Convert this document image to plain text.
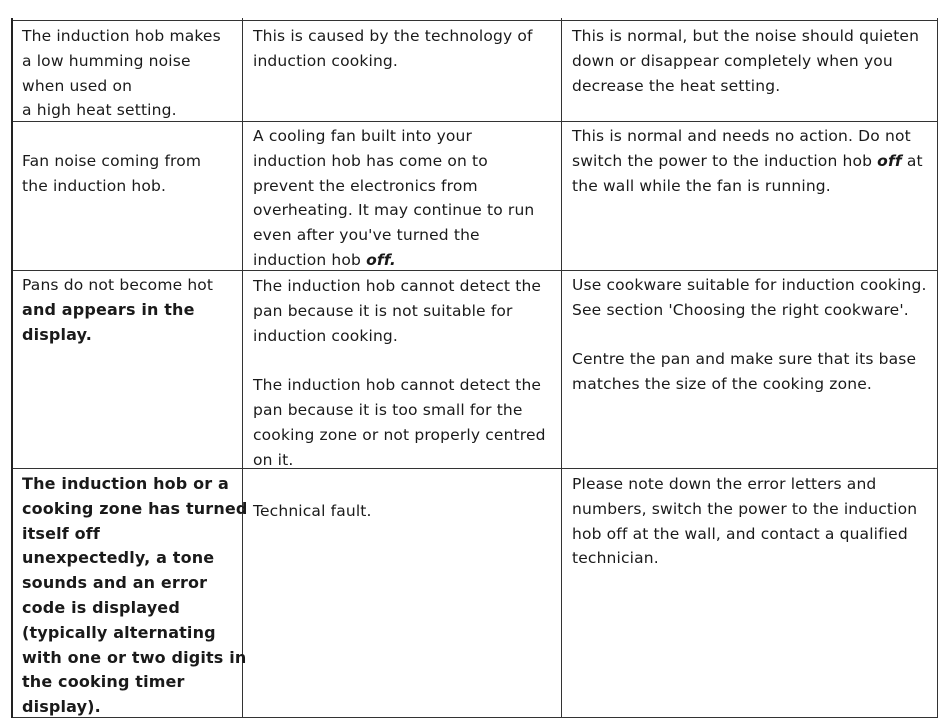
The induction hob makes
a low humming noise
when used on
a high heat setting.
This is caused by the technology of
induction cooking.
This is normal, but the noise should quieten
down or disappear completely when you
decrease the heat setting.
Fan noise coming from
the induction hob.
A cooling fan built into your
induction hob has come on to
prevent the electronics from
overheating. It may continue to run
even after you've turned the
induction hob off.
This is normal and needs no action. Do not
switch the power to the induction hob off at
the wall while the fan is running.
Pans do not become hot
and appears in the
display.
The induction hob cannot detect the
pan because it is not suitable for
induction cooking.
The induction hob cannot detect the
pan because it is too small for the
cooking zone or not properly centred
on it.
Use cookware suitable for induction cooking.
See section 'Choosing the right cookware'.
Centre the pan and make sure that its base
matches the size of the cooking zone.
The induction hob or a
cooking zone has turned
itself off
unexpectedly, a tone
sounds and an error
code is displayed
(typically alternating
with one or two digits in
the cooking timer
display).
Technical fault.
Please note down the error letters and
numbers, switch the power to the induction
hob off at the wall, and contact a qualified
technician.
